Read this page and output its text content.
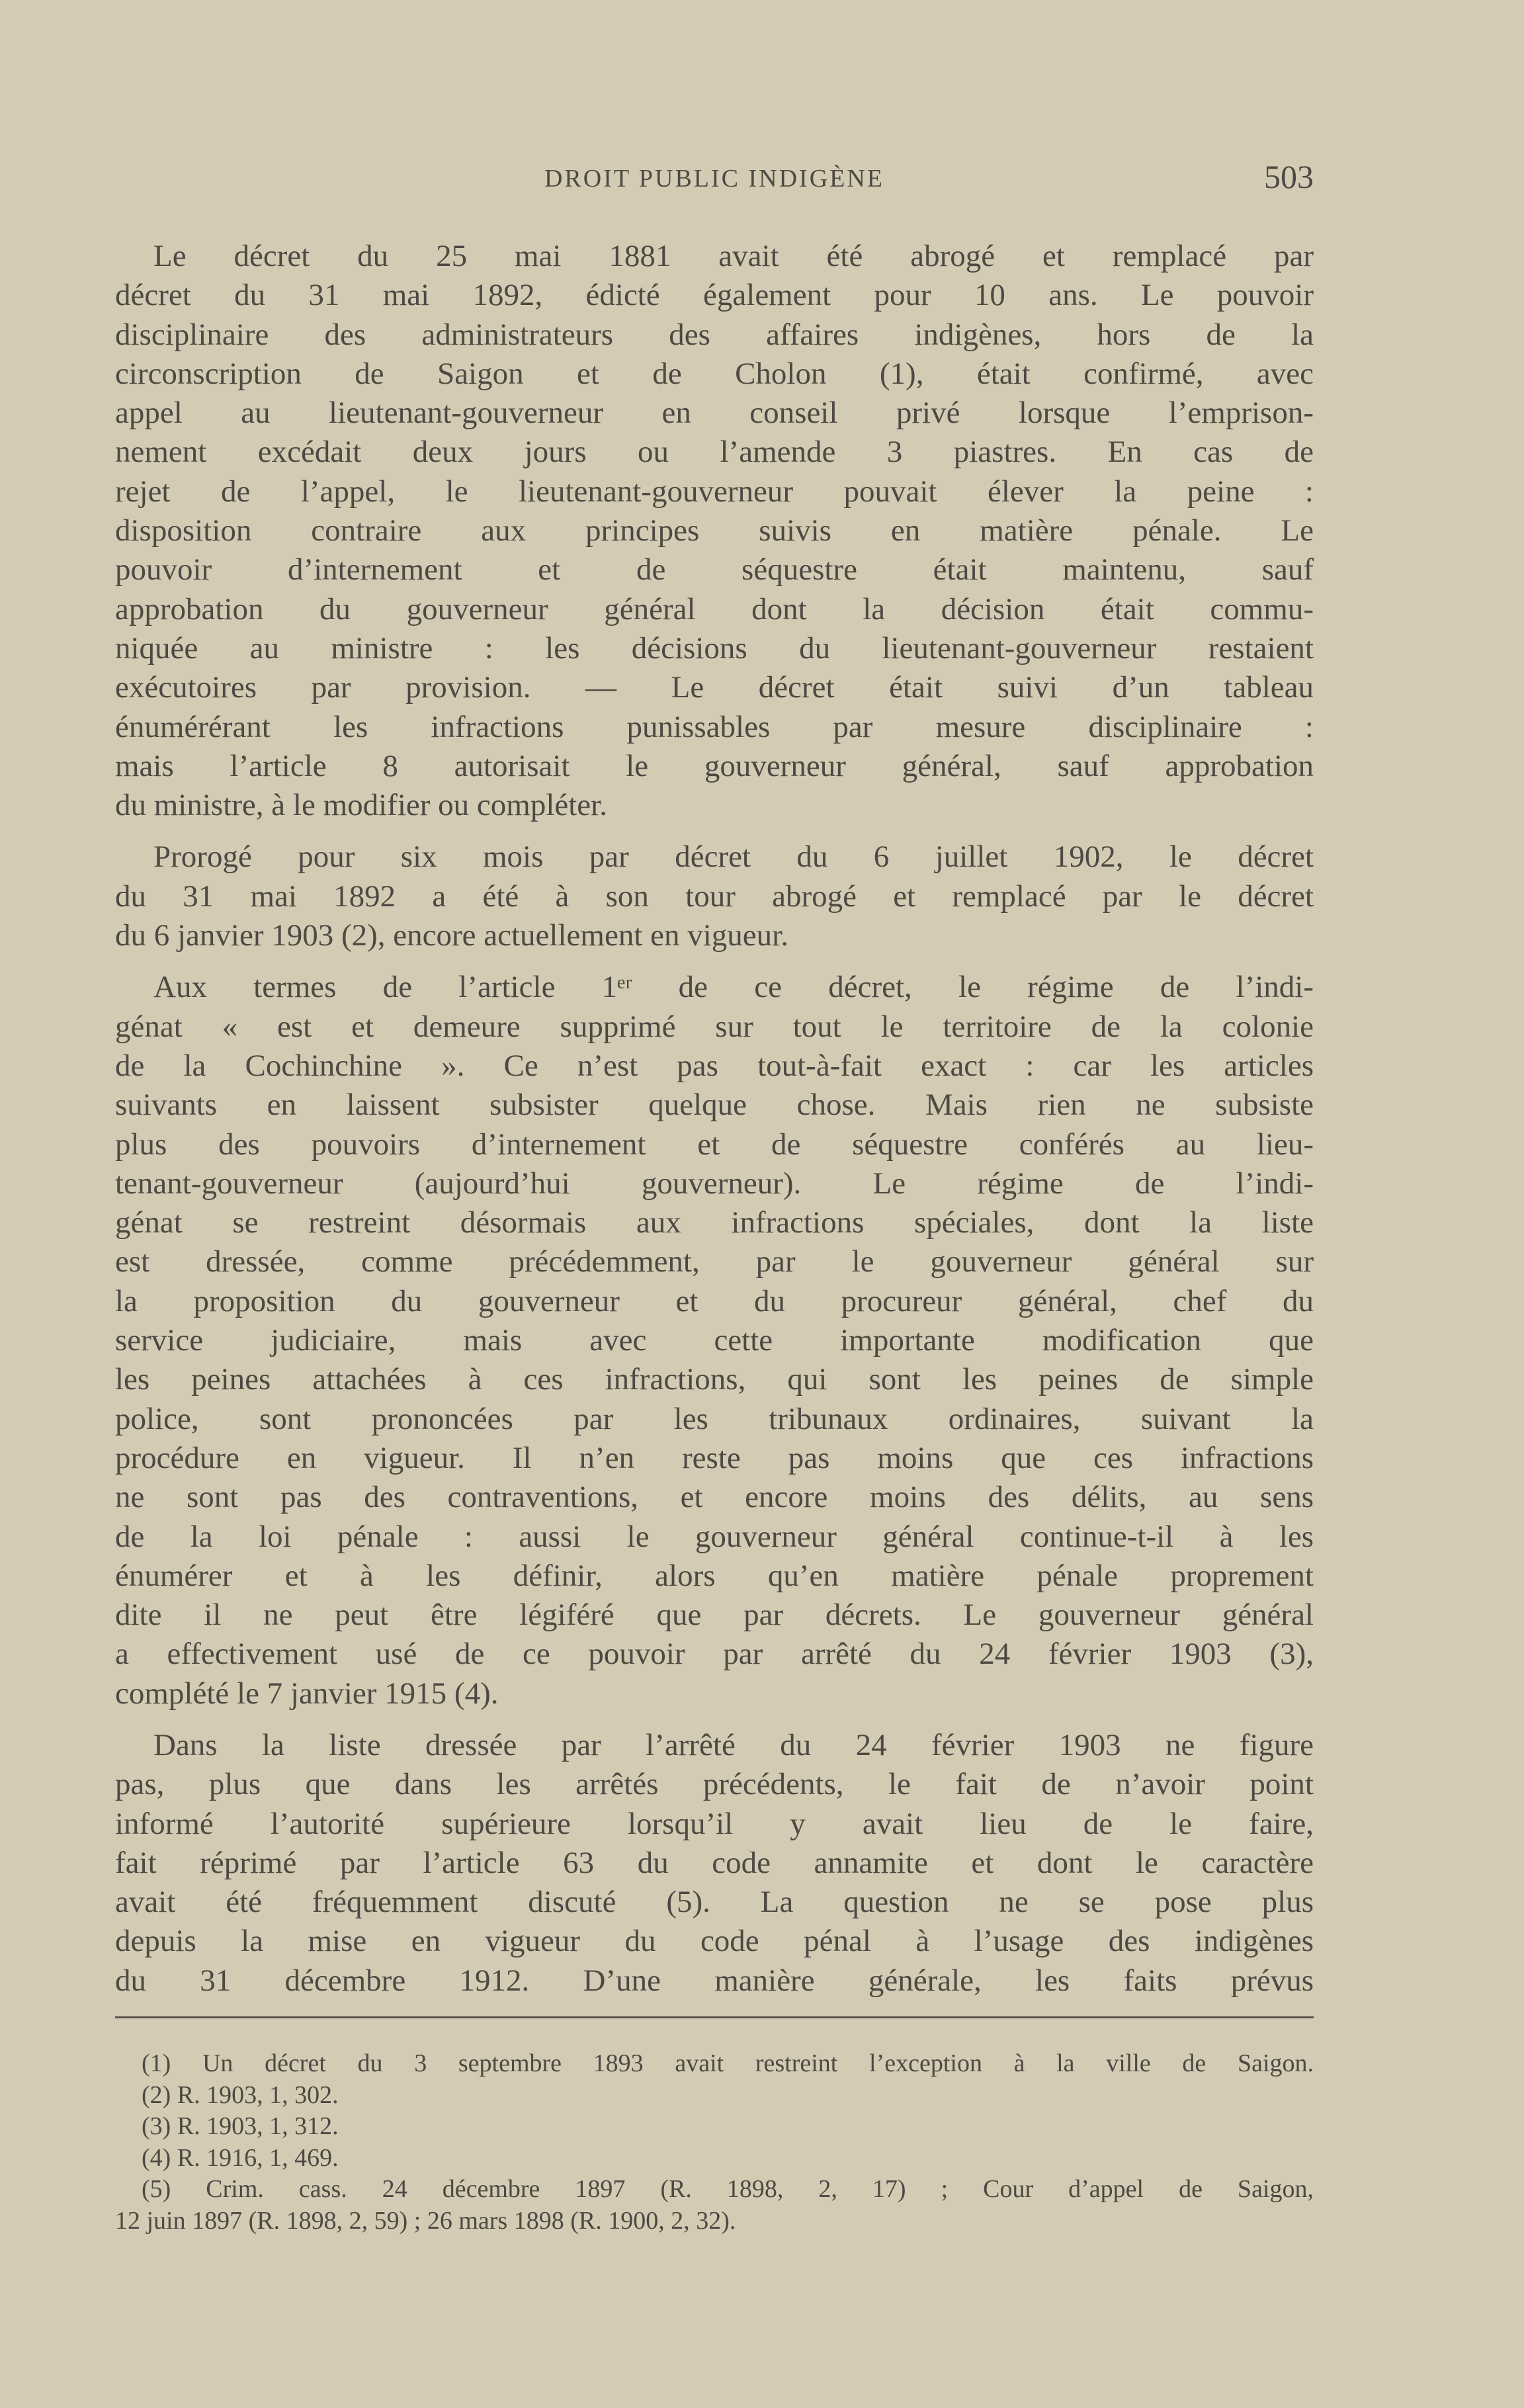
DROIT PUBLIC INDIGÈNE	503
Le décret du 25 mai 1881 avait été abrogé et remplacé par
décret du 31 mai 1892, édicté également pour 10 ans. Le pouvoir
disciplinaire des administrateurs des affaires indigènes, hors de la
circonscription de Saigon et de Cholon (1), était confirmé, avec
appel au lieutenant-gouverneur en conseil privé lorsque l’emprison-
nement excédait deux jours ou l’amende 3 piastres. En cas de
rejet de l’appel, le lieutenant-gouverneur pouvait élever la peine :
disposition contraire aux principes suivis en matière pénale. Le
pouvoir d’internement et de séquestre était maintenu, sauf
approbation du gouverneur général dont la décision était commu-
niquée au ministre : les décisions du lieutenant-gouverneur restaient
exécutoires par provision. — Le décret était suivi d’un tableau
énumérérant les infractions punissables par mesure disciplinaire :
mais l’article 8 autorisait le gouverneur général, sauf approbation
du ministre, à le modifier ou compléter.
Prorogé pour six mois par décret du 6 juillet 1902, le décret
du 31 mai 1892 a été à son tour abrogé et remplacé par le décret
du 6 janvier 1903 (2), encore actuellement en vigueur.
Aux termes de l’article 1ᵉʳ de ce décret, le régime de l’indi-
génat « est et demeure supprimé sur tout le territoire de la colonie
de la Cochinchine ». Ce n’est pas tout-à-fait exact : car les articles
suivants en laissent subsister quelque chose. Mais rien ne subsiste
plus des pouvoirs d’internement et de séquestre conférés au lieu-
tenant-gouverneur (aujourd’hui gouverneur). Le régime de l’indi-
génat se restreint désormais aux infractions spéciales, dont la liste
est dressée, comme précédemment, par le gouverneur général sur
la proposition du gouverneur et du procureur général, chef du
service judiciaire, mais avec cette importante modification que
les peines attachées à ces infractions, qui sont les peines de simple
police, sont prononcées par les tribunaux ordinaires, suivant la
procédure en vigueur. Il n’en reste pas moins que ces infractions
ne sont pas des contraventions, et encore moins des délits, au sens
de la loi pénale : aussi le gouverneur général continue-t-il à les
énumérer et à les définir, alors qu’en matière pénale proprement
dite il ne peut être légiféré que par décrets. Le gouverneur général
a effectivement usé de ce pouvoir par arrêté du 24 février 1903 (3),
complété le 7 janvier 1915 (4).
Dans la liste dressée par l’arrêté du 24 février 1903 ne figure
pas, plus que dans les arrêtés précédents, le fait de n’avoir point
informé l’autorité supérieure lorsqu’il y avait lieu de le faire,
fait réprimé par l’article 63 du code annamite et dont le caractère
avait été fréquemment discuté (5). La question ne se pose plus
depuis la mise en vigueur du code pénal à l’usage des indigènes
du 31 décembre 1912. D’une manière générale, les faits prévus
(1) Un décret du 3 septembre 1893 avait restreint l’exception à la ville de Saigon.
(2) R. 1903, 1, 302.
(3) R. 1903, 1, 312.
(4) R. 1916, 1, 469.
(5) Crim. cass. 24 décembre 1897 (R. 1898, 2, 17) ; Cour d’appel de Saigon,
12 juin 1897 (R. 1898, 2, 59) ; 26 mars 1898 (R. 1900, 2, 32).
